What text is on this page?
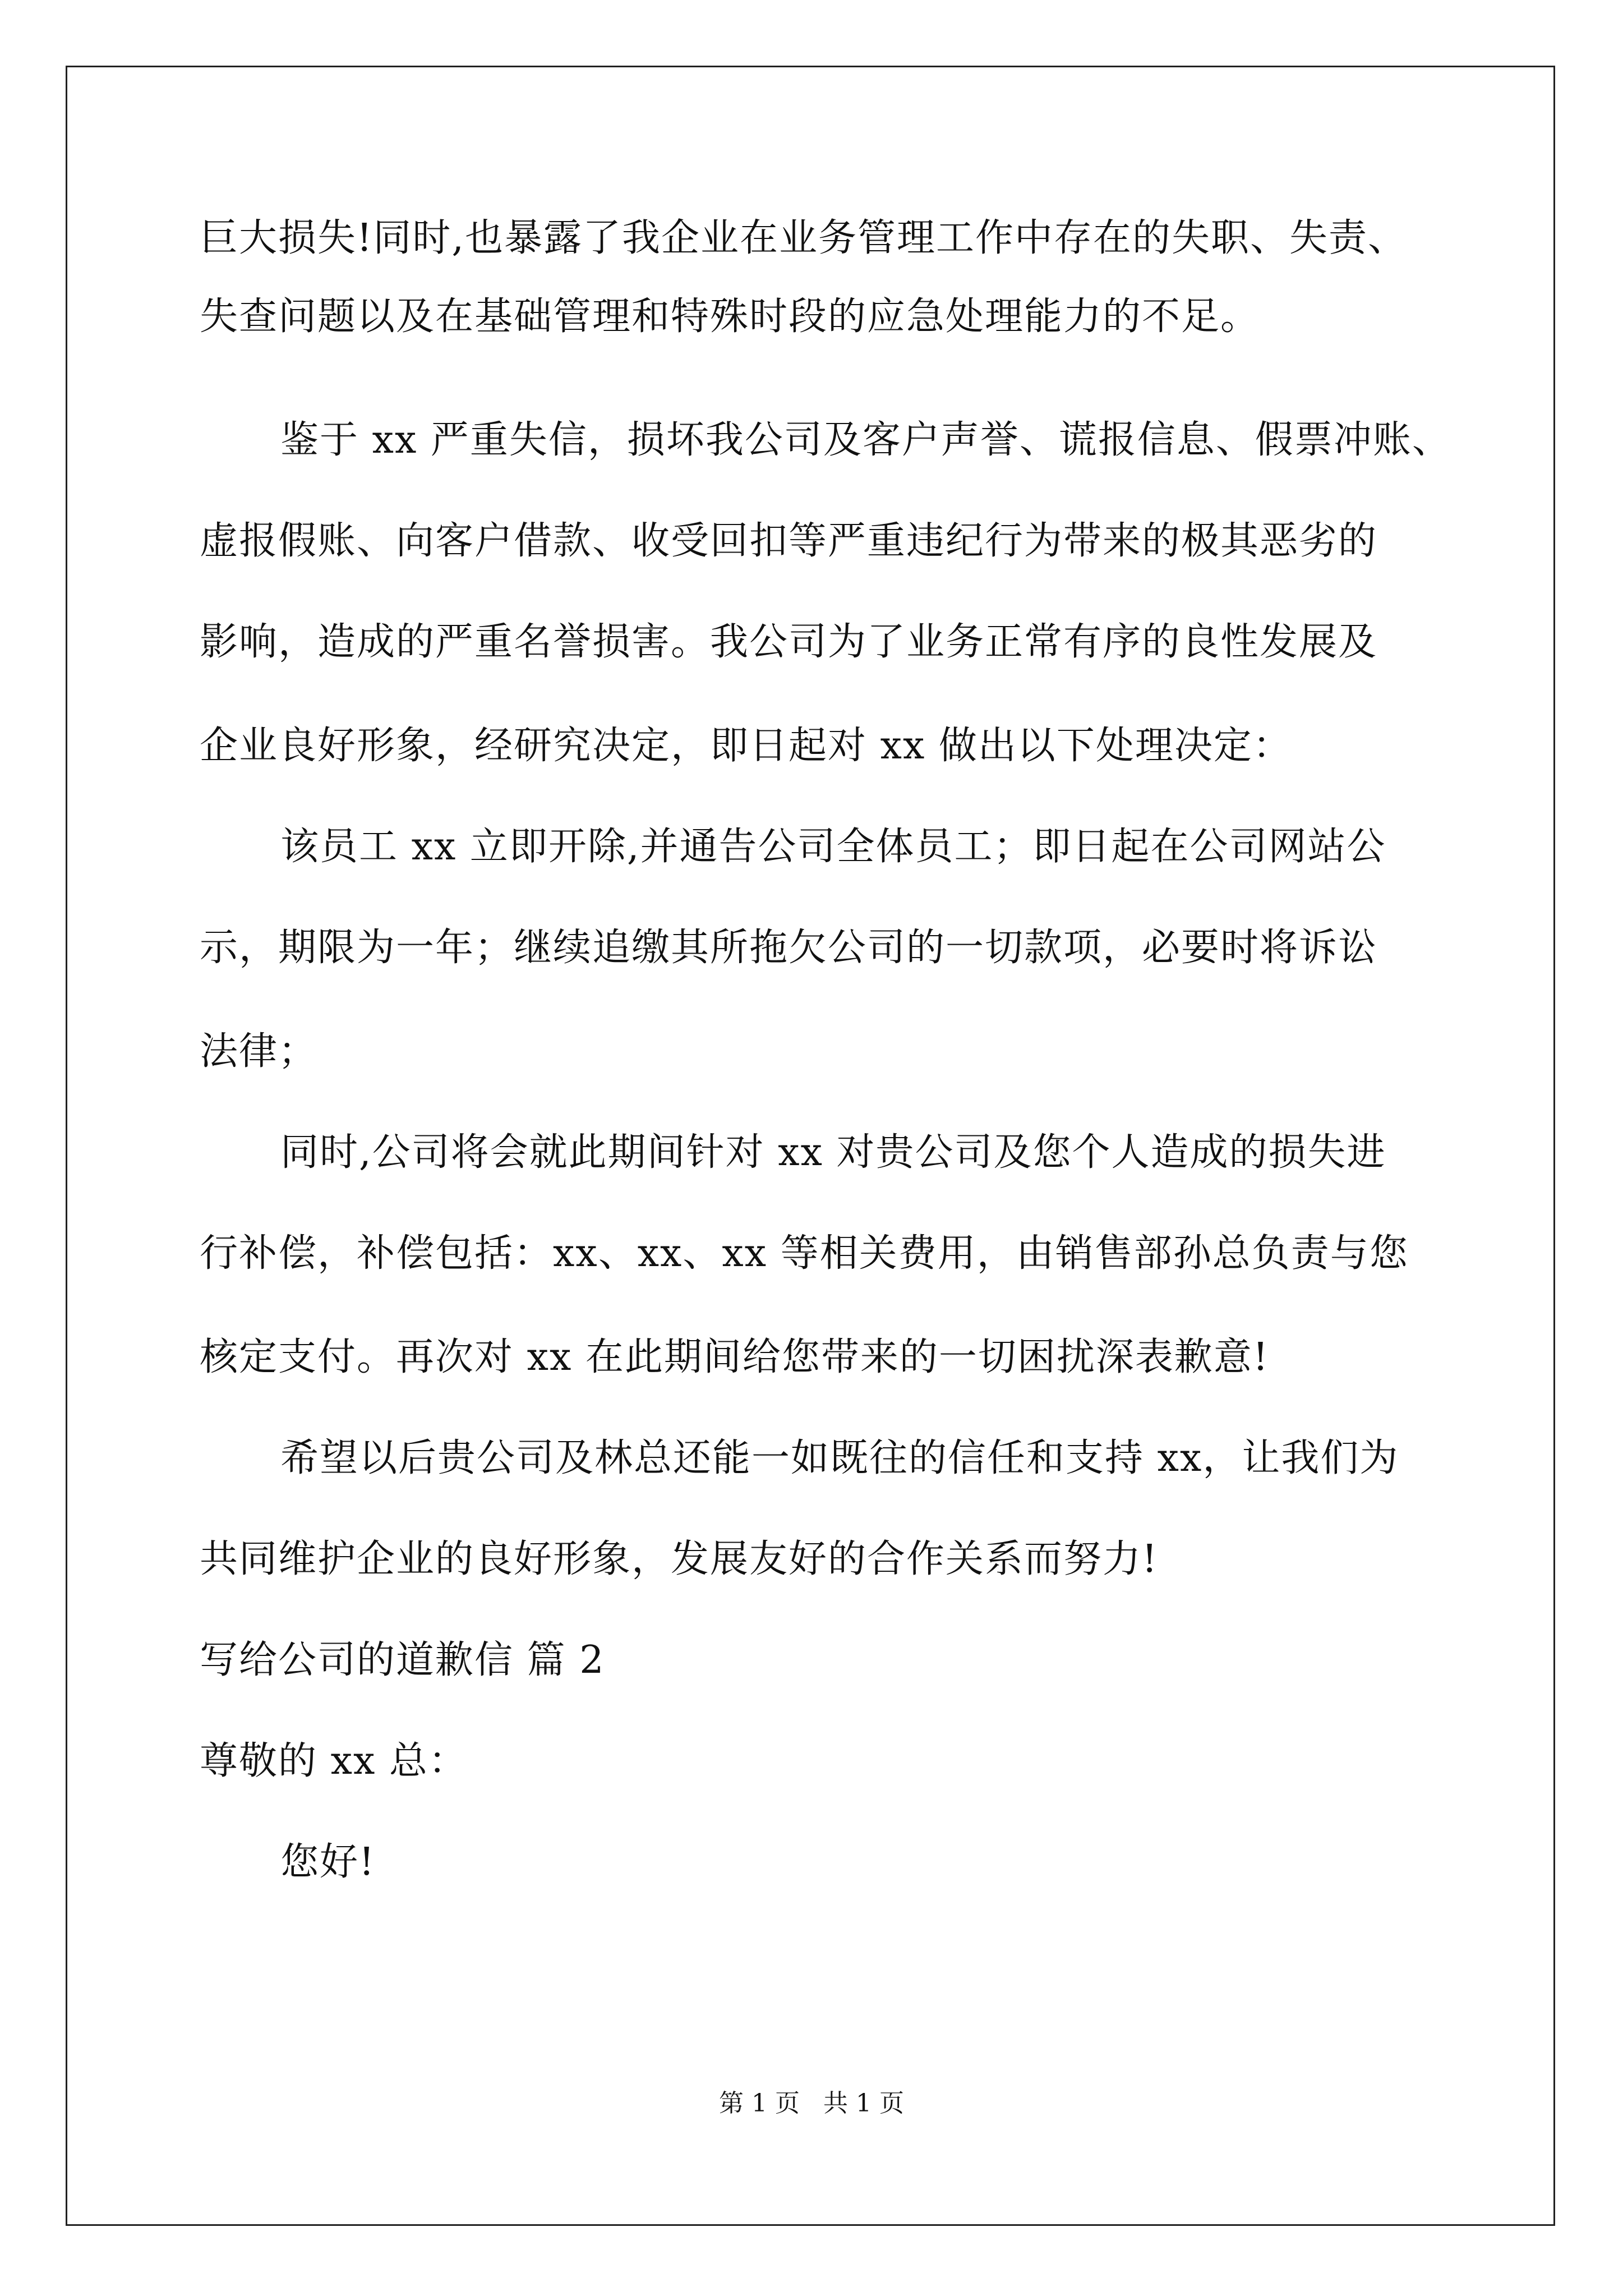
巨大损失!同时,也暴露了我企业在业务管理工作中存在的失职、失责、
失查问题以及在基础管理和特殊时段的应急处理能力的不足。
鉴于 xx 严重失信，损坏我公司及客户声誉、谎报信息、假票冲账、
虚报假账、向客户借款、收受回扣等严重违纪行为带来的极其恶劣的
影响，造成的严重名誉损害。我公司为了业务正常有序的良性发展及
企业良好形象，经研究决定，即日起对 xx 做出以下处理决定：
该员工 xx 立即开除,并通告公司全体员工；即日起在公司网站公
示，期限为一年；继续追缴其所拖欠公司的一切款项，必要时将诉讼
法律；
同时,公司将会就此期间针对 xx 对贵公司及您个人造成的损失进
行补偿，补偿包括：xx、xx、xx 等相关费用，由销售部孙总负责与您
核定支付。再次对 xx 在此期间给您带来的一切困扰深表歉意!
希望以后贵公司及林总还能一如既往的信任和支持 xx，让我们为
共同维护企业的良好形象，发展友好的合作关系而努力!
写给公司的道歉信 篇 2
尊敬的 xx 总：
您好!
第 1 页   共 1 页
